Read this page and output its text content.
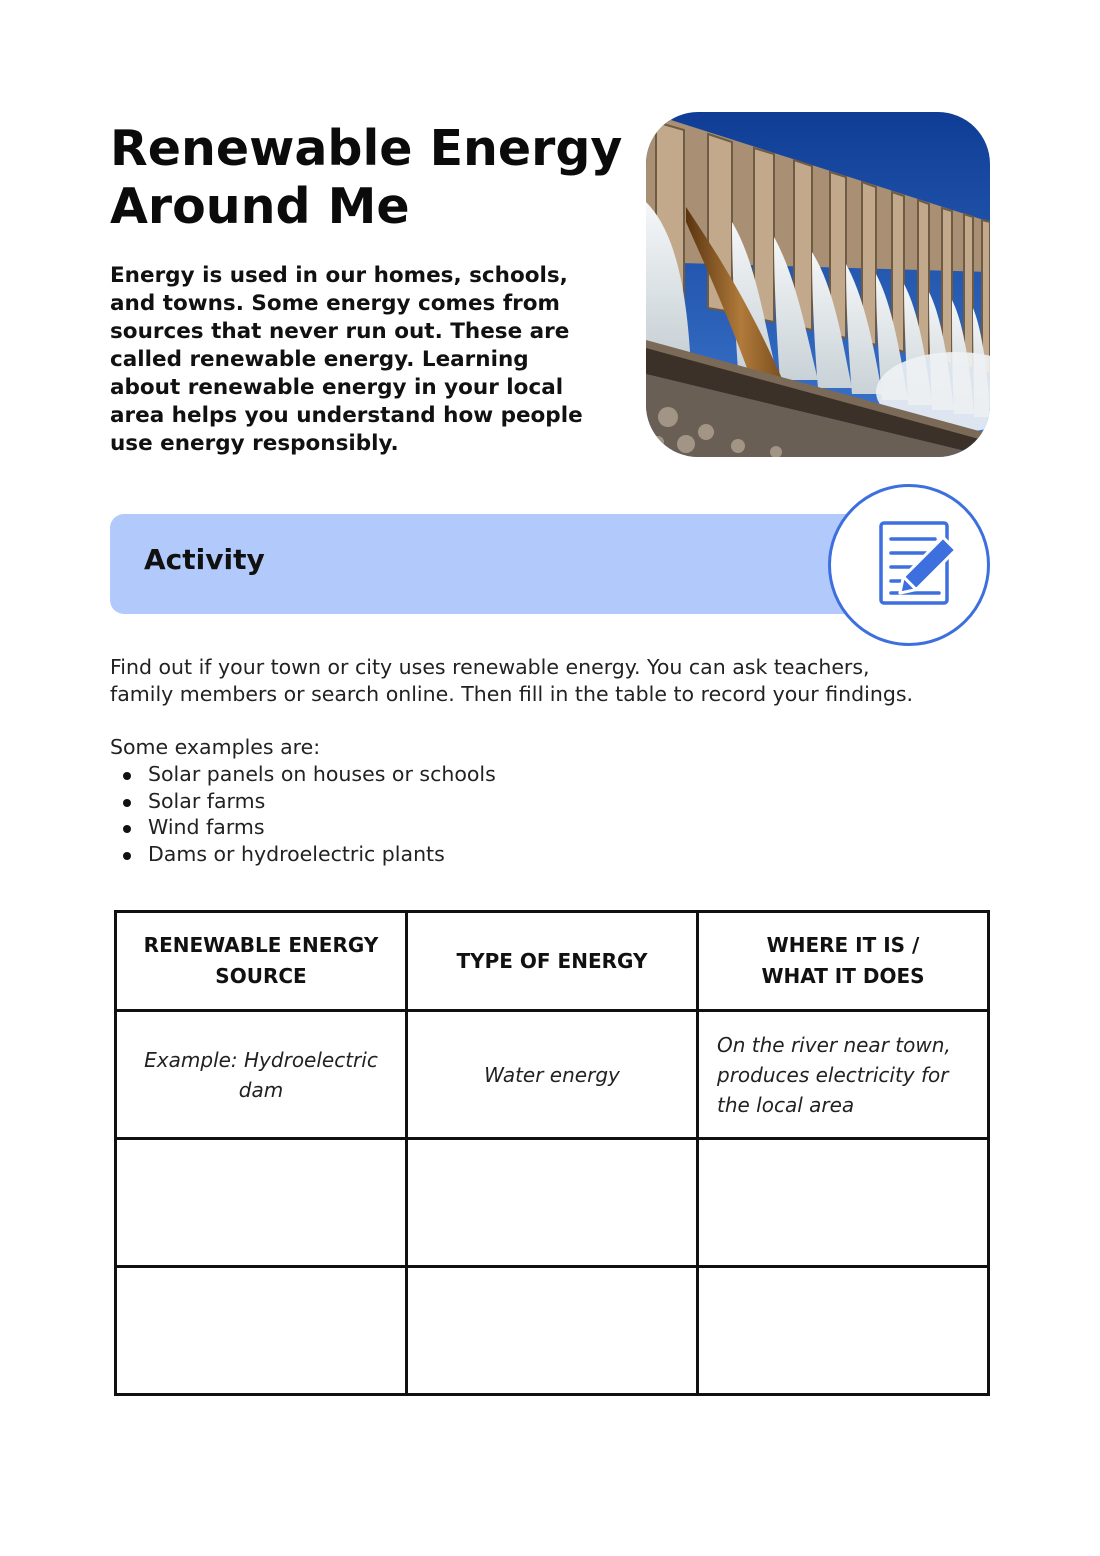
Renewable Energy
Around Me

Energy is used in our homes, schools, and towns. Some energy comes from sources that never run out. These are called renewable energy. Learning about renewable energy in your local area helps you understand how people use energy responsibly.

Activity

Find out if your town or city uses renewable energy. You can ask teachers,
family members or search online. Then fill in the table to record your findings.

Some examples are:

Solar panels on houses or schools
Solar farms
Wind farms
Dams or hydroelectric plants
RENEWABLE ENERGY
SOURCE	TYPE OF ENERGY	WHERE IT IS /
WHAT IT DOES
Example: Hydroelectric
dam	Water energy	On the river near town,
produces electricity for
the local area
